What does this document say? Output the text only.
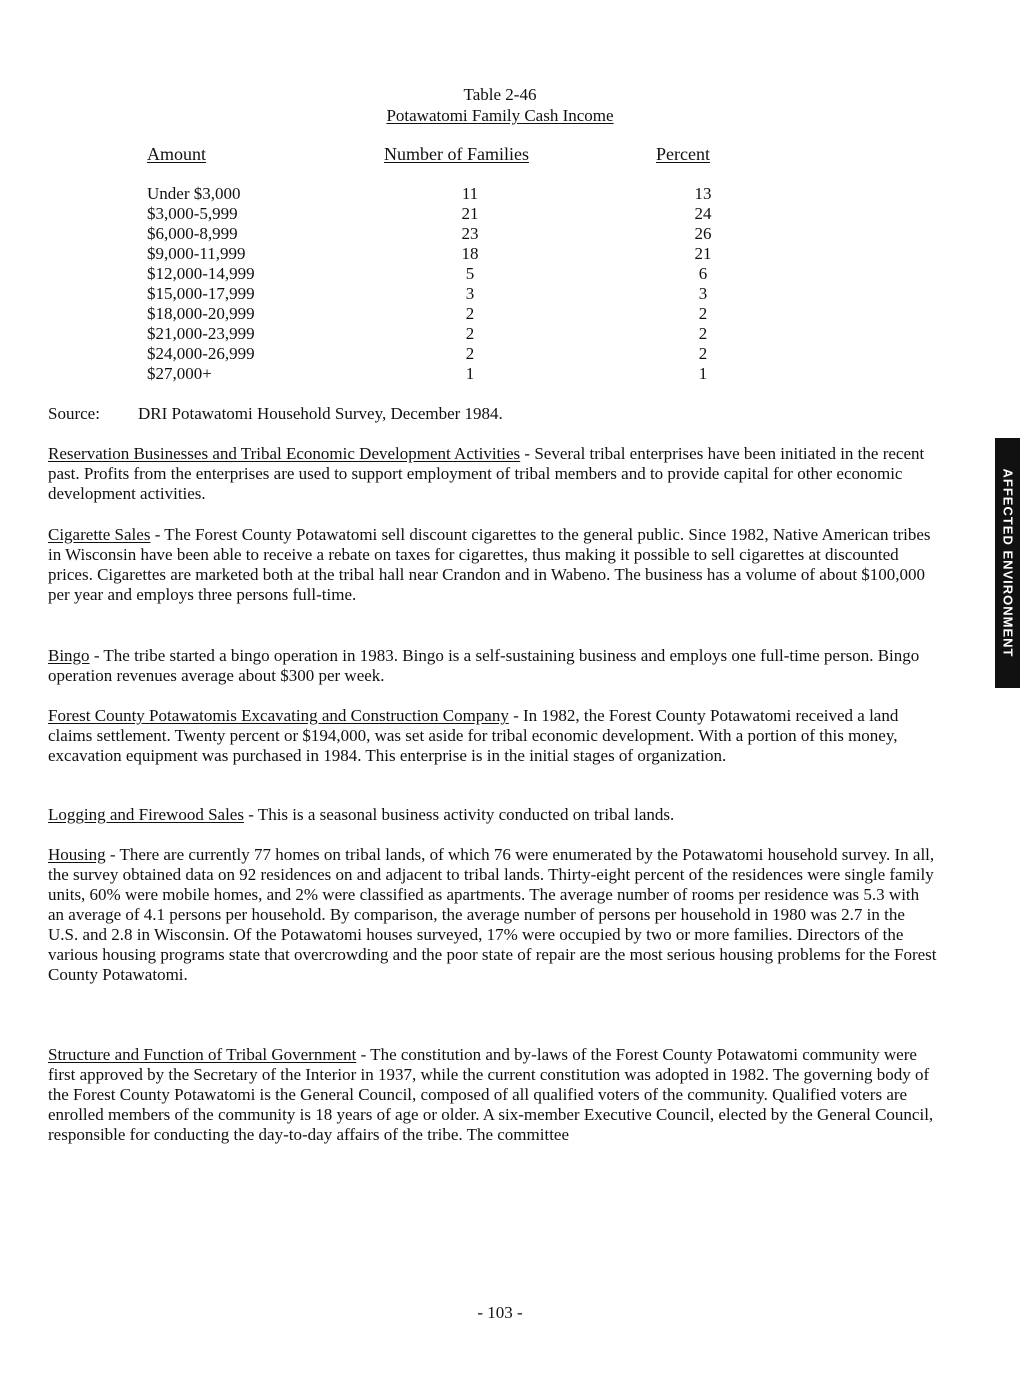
Table 2-46
Potawatomi Family Cash Income
Amount	Number of Families	Percent
Under $3,000	11	13
$3,000-5,999	21	24
$6,000-8,999	23	26
$9,000-11,999	18	21
$12,000-14,999	5	6
$15,000-17,999	3	3
$18,000-20,999	2	2
$21,000-23,999	2	2
$24,000-26,999	2	2
$27,000+	1	1
Source: DRI Potawatomi Household Survey, December 1984.

Reservation Businesses and Tribal Economic Development Activities - Several tribal enterprises have been initiated in the recent past. Profits from the enterprises are used to support employment of tribal members and to provide capital for other economic development activities.

Cigarette Sales - The Forest County Potawatomi sell discount cigarettes to the general public. Since 1982, Native American tribes in Wisconsin have been able to receive a rebate on taxes for cigarettes, thus making it possible to sell cigarettes at discounted prices. Cigarettes are marketed both at the tribal hall near Crandon and in Wabeno. The business has a volume of about $100,000 per year and employs three persons full-time.

Bingo - The tribe started a bingo operation in 1983. Bingo is a self-sustaining business and employs one full-time person. Bingo operation revenues average about $300 per week.

Forest County Potawatomis Excavating and Construction Company - In 1982, the Forest County Potawatomi received a land claims settlement. Twenty percent or $194,000, was set aside for tribal economic development. With a portion of this money, excavation equipment was purchased in 1984. This enterprise is in the initial stages of organization.

Logging and Firewood Sales - This is a seasonal business activity conducted on tribal lands.

Housing - There are currently 77 homes on tribal lands, of which 76 were enumerated by the Potawatomi household survey. In all, the survey obtained data on 92 residences on and adjacent to tribal lands. Thirty-eight percent of the residences were single family units, 60% were mobile homes, and 2% were classified as apartments. The average number of rooms per residence was 5.3 with an average of 4.1 persons per household. By comparison, the average number of persons per household in 1980 was 2.7 in the U.S. and 2.8 in Wisconsin. Of the Potawatomi houses surveyed, 17% were occupied by two or more families. Directors of the various housing programs state that overcrowding and the poor state of repair are the most serious housing problems for the Forest County Potawatomi.

Structure and Function of Tribal Government - The constitution and by-laws of the Forest County Potawatomi community were first approved by the Secretary of the Interior in 1937, while the current constitution was adopted in 1982. The governing body of the Forest County Potawatomi is the General Council, composed of all qualified voters of the community. Qualified voters are enrolled members of the community is 18 years of age or older. A six-member Executive Council, elected by the General Council, responsible for conducting the day-to-day affairs of the tribe. The committee

AFFECTED ENVIRONMENT
- 103 -
